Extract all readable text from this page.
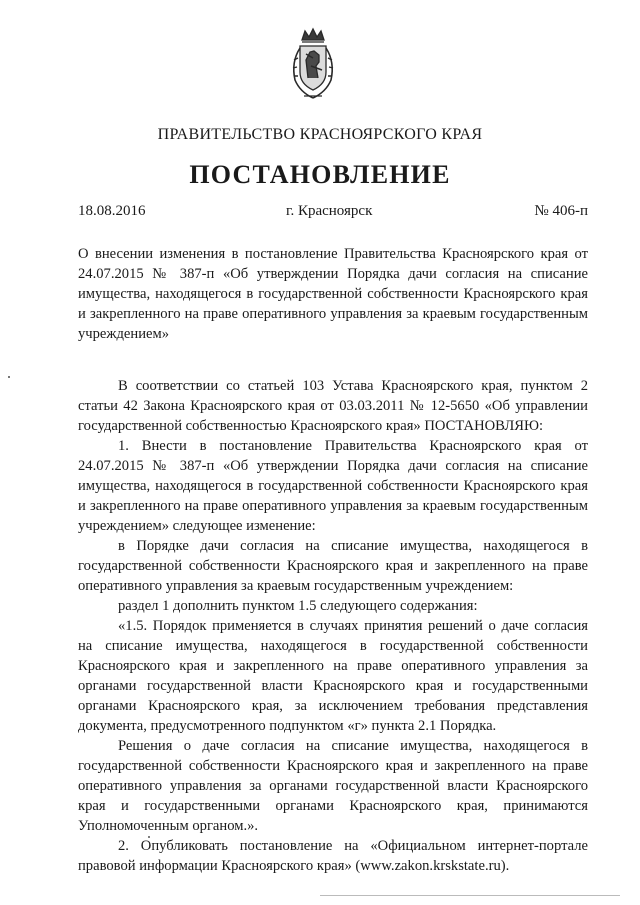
ПРАВИТЕЛЬСТВО КРАСНОЯРСКОГО КРАЯ
ПОСТАНОВЛЕНИЕ
18.08.2016	г. Красноярск	№ 406-п
О внесении изменения в постановление Правительства Красноярского края от 24.07.2015 № 387-п «Об утверждении Порядка дачи согласия на списание имущества, находящегося в государственной собственности Красноярского края и закрепленного на праве оперативного управления за краевым государственным учреждением»

В соответствии со статьей 103 Устава Красноярского края, пунктом 2 статьи 42 Закона Красноярского края от 03.03.2011 № 12-5650 «Об управлении государственной собственностью Красноярского края» ПОСТАНОВЛЯЮ:

1. Внести в постановление Правительства Красноярского края от 24.07.2015 № 387-п «Об утверждении Порядка дачи согласия на списание имущества, находящегося в государственной собственности Красноярского края и закрепленного на праве оперативного управления за краевым государственным учреждением» следующее изменение:

в Порядке дачи согласия на списание имущества, находящегося в государственной собственности Красноярского края и закрепленного на праве оперативного управления за краевым государственным учреждением:

раздел 1 дополнить пунктом 1.5 следующего содержания:

«1.5. Порядок применяется в случаях принятия решений о даче согласия на списание имущества, находящегося в государственной собственности Красноярского края и закрепленного на праве оперативного управления за органами государственной власти Красноярского края и государственными органами Красноярского края, за исключением требования представления документа, предусмотренного подпунктом «г» пункта 2.1 Порядка.

Решения о даче согласия на списание имущества, находящегося в государственной собственности Красноярского края и закрепленного на праве оперативного управления за органами государственной власти Красноярского края и государственными органами Красноярского края, принимаются Уполномоченным органом.».

2. Опубликовать постановление на «Официальном интернет-портале правовой информации Красноярского края» (www.zakon.krskstate.ru).
